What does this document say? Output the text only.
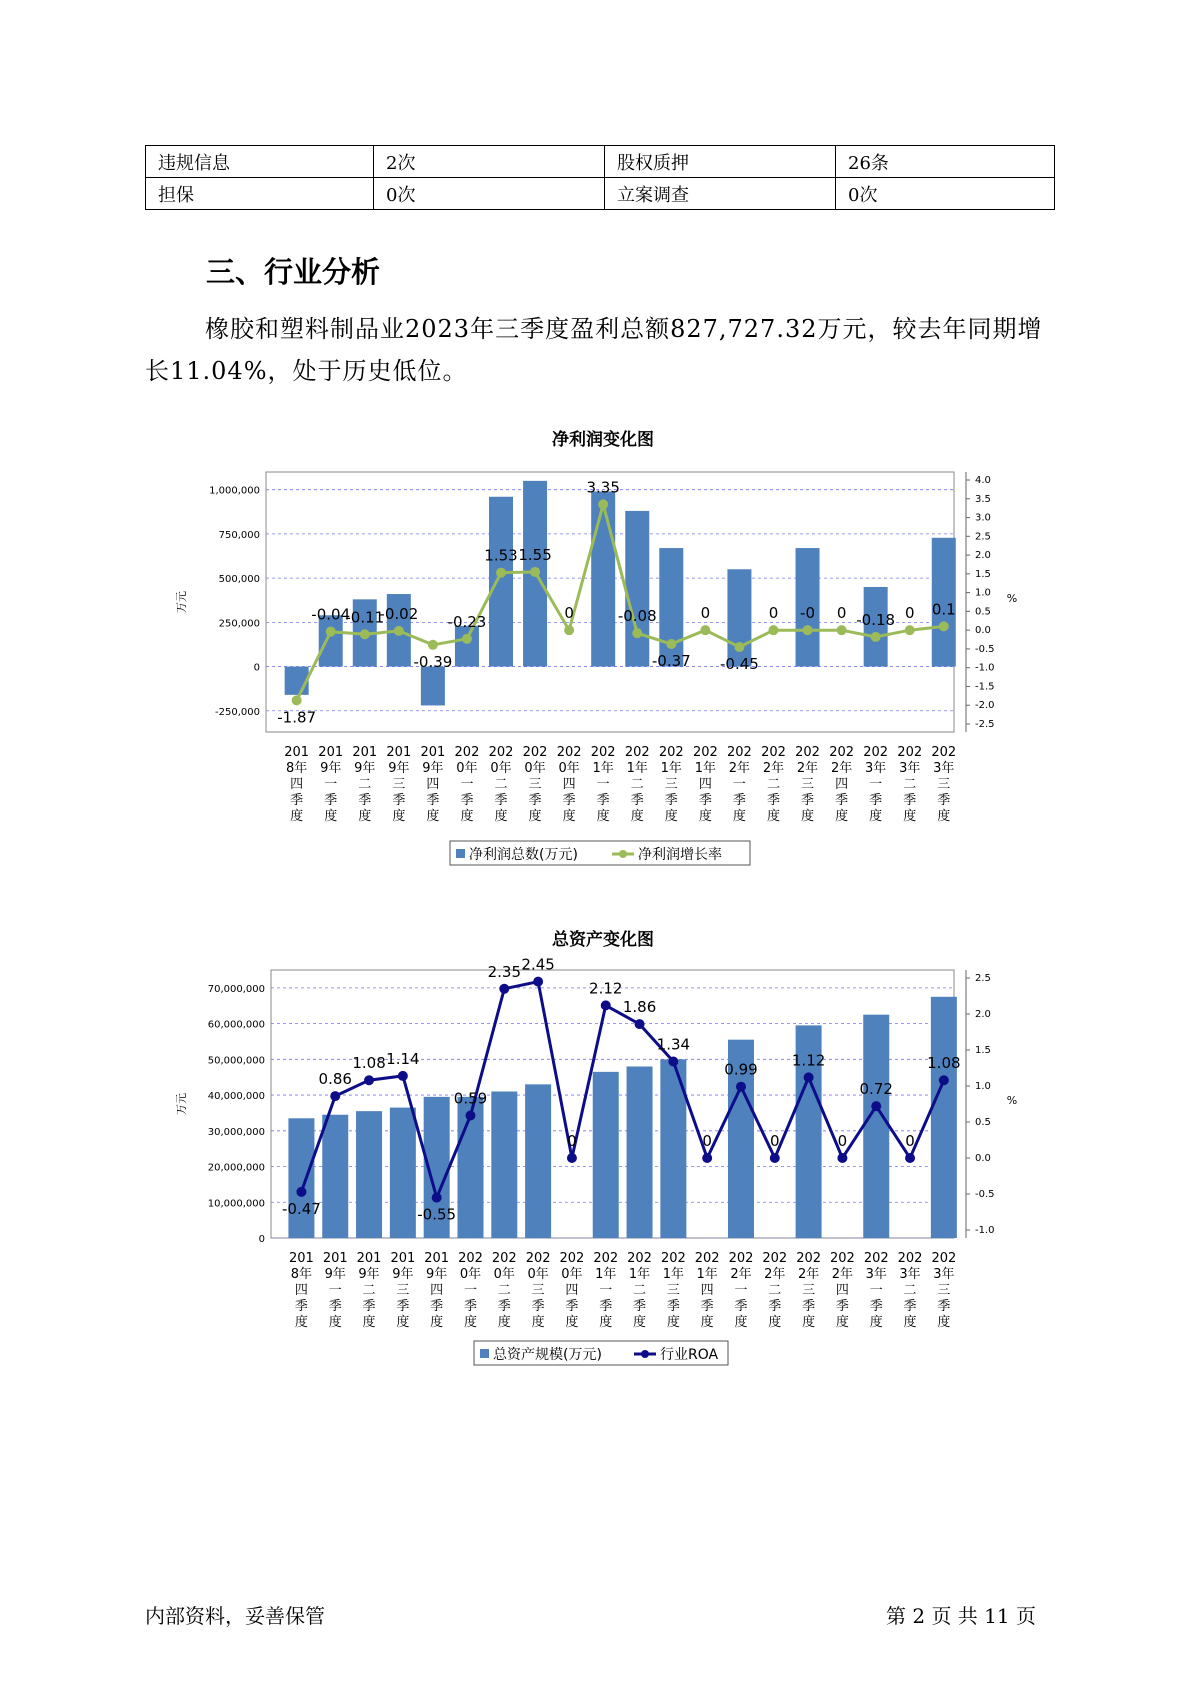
违规信息	2次	股权质押	26条
担保	0次	立案调查	0次
三、行业分析

橡胶和塑料制品业2023年三季度盈利总额827,727.32万元，较去年同期增长11.04%，处于历史低位。

净利润变化图
-250,000
0
250,000
500,000
750,000
1,000,000
万元
4.0
3.5
3.0
2.5
2.0
1.5
1.0
0.5
0.0
-0.5
-1.0
-1.5
-2.0
-2.5
%
-1.87
-0.04
-0.11
-0.02
-0.39
-0.23
1.53 1.55
0
3.35
-0.08
-0.37
0
-0.45
0 -0 0 -0.18 0 0.1
201 8年四季度
201 9年一季度
201 9年二季度
201 9年三季度
201 9年四季度
202 0年一季度
202 0年二季度
202 0年三季度
202 0年四季度
202 1年一季度
202 1年二季度
202 1年三季度
202 1年四季度
202 2年一季度
202 2年二季度
202 2年三季度
202 2年四季度
202 3年一季度
202 3年二季度
202 3年三季度
净利润总数(万元)	净利润增长率
总资产变化图
0
10,000,000
20,000,000
30,000,000
40,000,000
50,000,000
60,000,000
70,000,000
万元
2.5
2.0
1.5
1.0
0.5
0.0
-0.5
-1.0
%
-0.47
0.86
1.08 1.14
-0.55
0.59
2.35 2.45
0
2.12
1.86
1.34
0
0.99
0
1.12
0
0.72
0
1.08
201 8年四季度
201 9年一季度
201 9年二季度
201 9年三季度
201 9年四季度
202 0年一季度
202 0年二季度
202 0年三季度
202 0年四季度
202 1年一季度
202 1年二季度
202 1年三季度
202 1年四季度
202 2年一季度
202 2年二季度
202 2年三季度
202 2年四季度
202 3年一季度
202 3年二季度
202 3年三季度
总资产规模(万元)	行业ROA
内部资料，妥善保管	第 2 页 共 11 页
